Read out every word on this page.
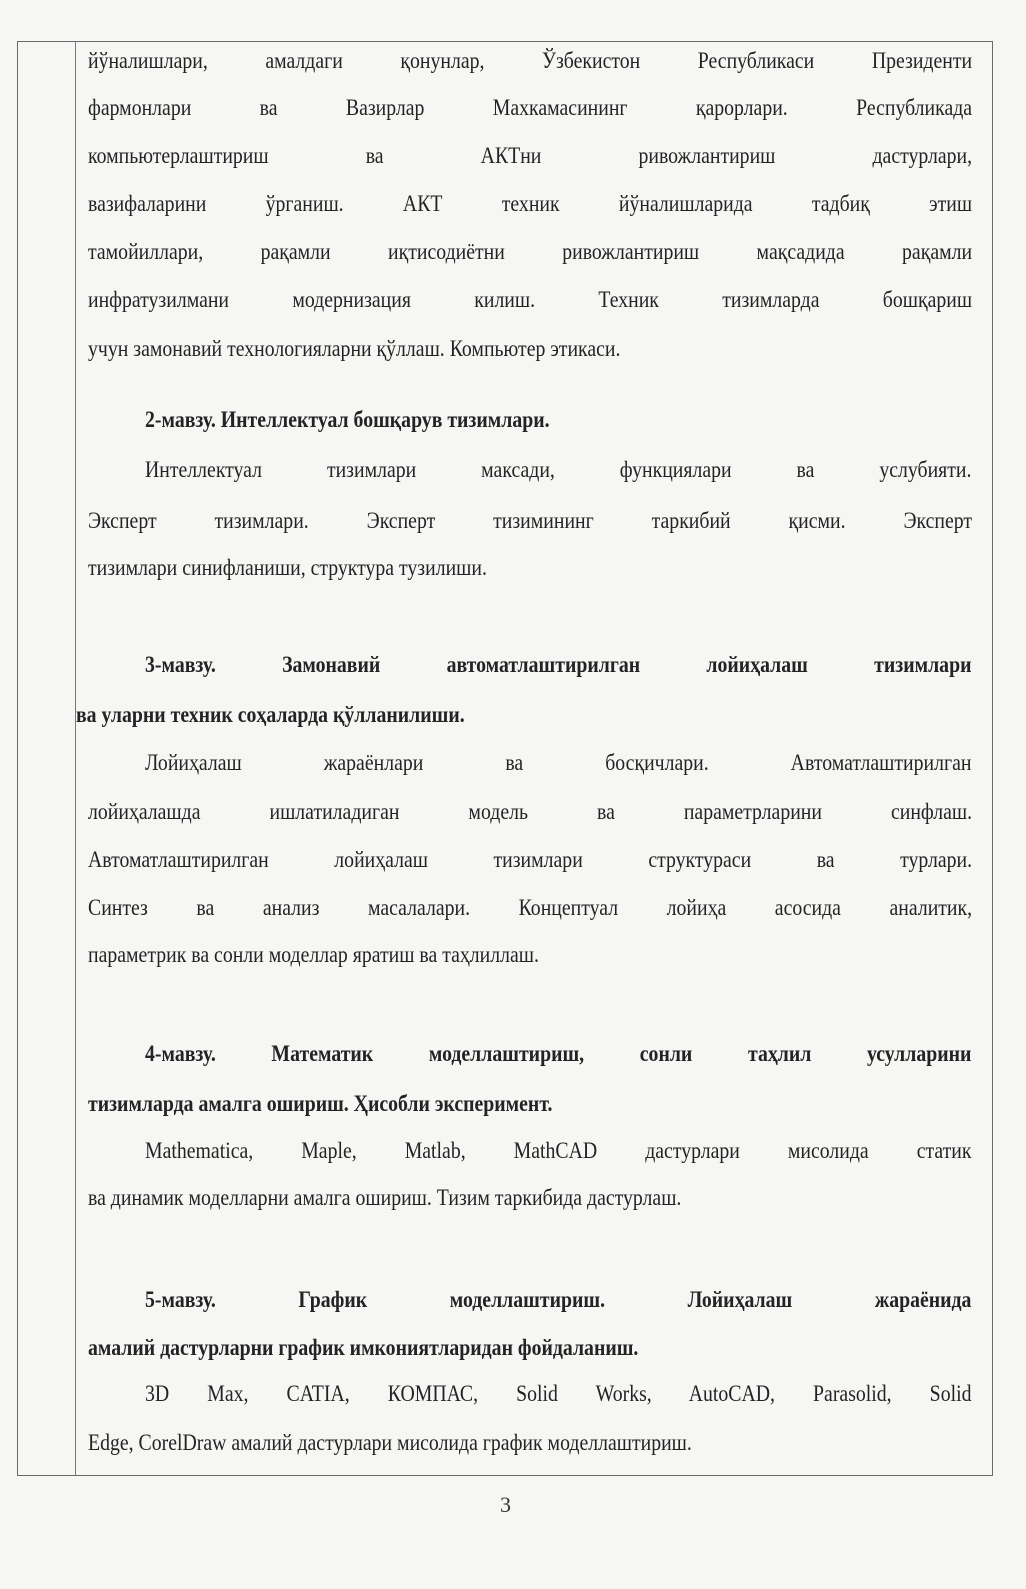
йўналишлари, амалдаги қонунлар, Ўзбекистон Республикаси Президенти
фармонлари ва Вазирлар Махкамасининг қарорлари. Республикада
компьютерлаштириш ва АКТни ривожлантириш дастурлари,
вазифаларини ўрганиш. АКТ техник йўналишларида тадбиқ этиш
тамойиллари, рақамли иқтисодиётни ривожлантириш мақсадида рақамли
инфратузилмани модернизация килиш. Техник тизимларда бошқариш
учун замонавий технологияларни қўллаш. Компьютер этикаси.
2-мавзу. Интеллектуал бошқарув тизимлари.
Интеллектуал тизимлари максади, функциялари ва услубияти.
Эксперт тизимлари. Эксперт тизимининг таркибий қисми. Эксперт
тизимлари синифланиши, структура тузилиши.
3-мавзу. Замонавий автоматлаштирилган лойиҳалаш тизимлари
ва уларни техник соҳаларда қўлланилиши.
Лойиҳалаш жараёнлари ва босқичлари. Автоматлаштирилган
лойиҳалашда ишлатиладиган модель ва параметрларини синфлаш.
Автоматлаштирилган лойиҳалаш тизимлари структураси ва турлари.
Синтез ва анализ масалалари. Концептуал лойиҳа асосида аналитик,
параметрик ва сонли моделлар яратиш ва таҳлиллаш.
4-мавзу. Математик моделлаштириш, сонли таҳлил усулларини
тизимларда амалга ошириш. Ҳисобли эксперимент.
Mathematica, Maple, Matlab, MathCAD дастурлари мисолида статик
ва динамик моделларни амалга ошириш. Тизим таркибида дастурлаш.
5-мавзу. График моделлаштириш. Лойиҳалаш жараёнида
амалий дастурларни график имкониятларидан фойдаланиш.
3D Max, CATIA, КОМПАС, Solid Works, AutoCAD, Parasolid, Solid
Edge, CorelDraw амалий дастурлари мисолида график моделлаштириш.
3
